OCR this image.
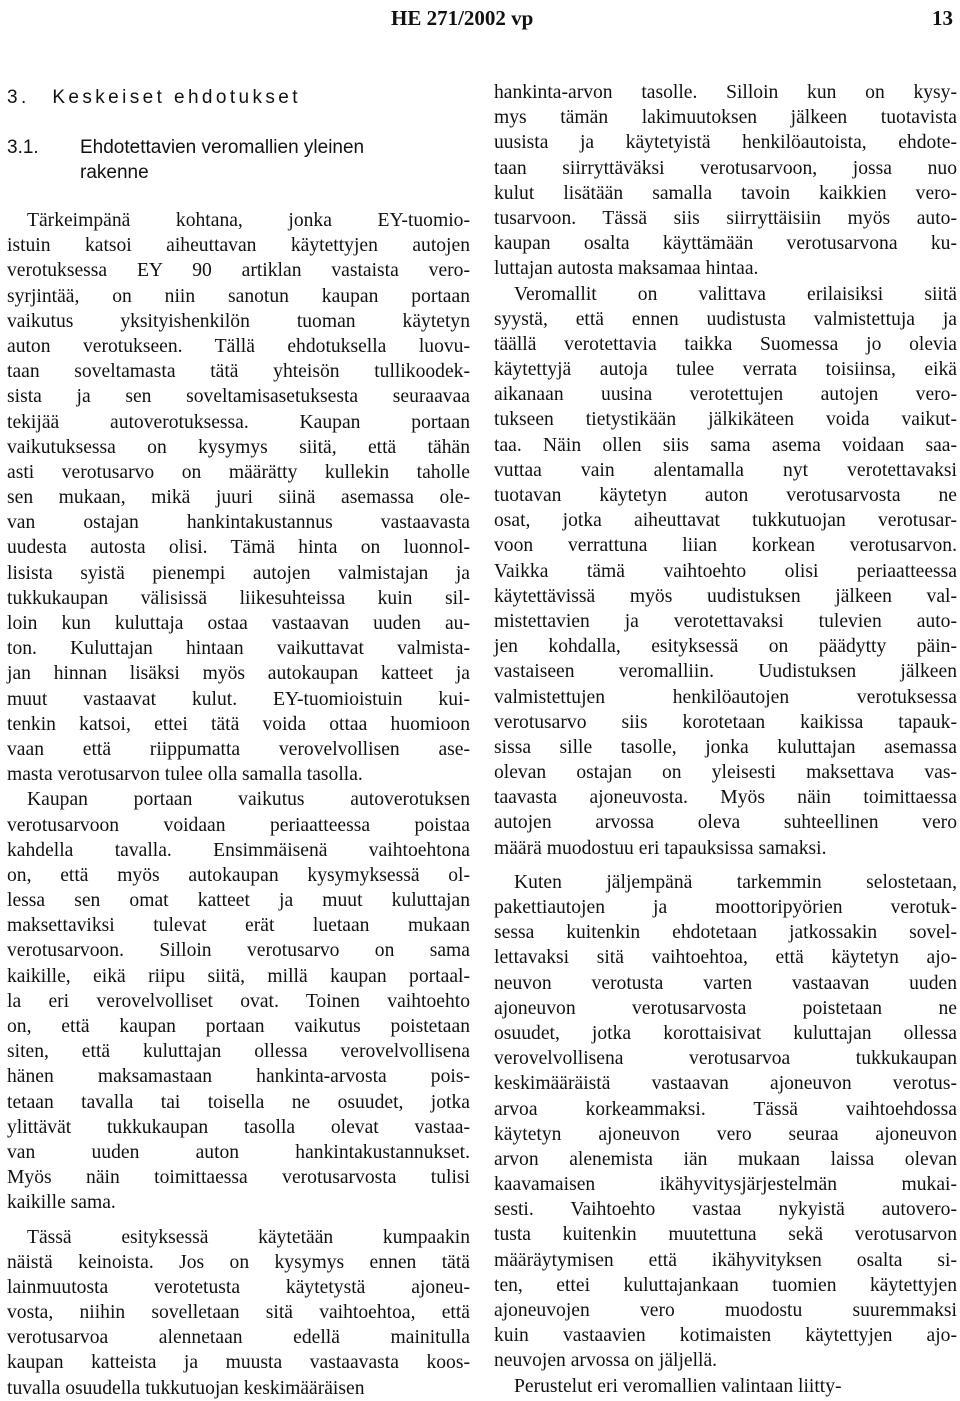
HE 271/2002 vp	13
3. Keskeiset ehdotukset
3.1. Ehdotettavien veromallien yleinen
rakenne
Tärkeimpänä kohtana, jonka EY-tuomio-
istuin katsoi aiheuttavan käytettyjen autojen
verotuksessa EY 90 artiklan vastaista vero-
syrjintää, on niin sanotun kaupan portaan
vaikutus yksityishenkilön tuoman käytetyn
auton verotukseen. Tällä ehdotuksella luovu-
taan soveltamasta tätä yhteisön tullikoodek-
sista ja sen soveltamisasetuksesta seuraavaa
tekijää autoverotuksessa. Kaupan portaan
vaikutuksessa on kysymys siitä, että tähän
asti verotusarvo on määrätty kullekin taholle
sen mukaan, mikä juuri siinä asemassa ole-
van ostajan hankintakustannus vastaavasta
uudesta autosta olisi. Tämä hinta on luonnol-
lisista syistä pienempi autojen valmistajan ja
tukkukaupan välisissä liikesuhteissa kuin sil-
loin kun kuluttaja ostaa vastaavan uuden au-
ton. Kuluttajan hintaan vaikuttavat valmista-
jan hinnan lisäksi myös autokaupan katteet ja
muut vastaavat kulut. EY-tuomioistuin kui-
tenkin katsoi, ettei tätä voida ottaa huomioon
vaan että riippumatta verovelvollisen ase-
masta verotusarvon tulee olla samalla tasolla.
Kaupan portaan vaikutus autoverotuksen
verotusarvoon voidaan periaatteessa poistaa
kahdella tavalla. Ensimmäisenä vaihtoehtona
on, että myös autokaupan kysymyksessä ol-
lessa sen omat katteet ja muut kuluttajan
maksettaviksi tulevat erät luetaan mukaan
verotusarvoon. Silloin verotusarvo on sama
kaikille, eikä riipu siitä, millä kaupan portaal-
la eri verovelvolliset ovat. Toinen vaihtoehto
on, että kaupan portaan vaikutus poistetaan
siten, että kuluttajan ollessa verovelvollisena
hänen maksamastaan hankinta-arvosta pois-
tetaan tavalla tai toisella ne osuudet, jotka
ylittävät tukkukaupan tasolla olevat vastaa-
van uuden auton hankintakustannukset.
Myös näin toimittaessa verotusarvosta tulisi
kaikille sama.
Tässä esityksessä käytetään kumpaakin
näistä keinoista. Jos on kysymys ennen tätä
lainmuutosta verotetusta käytetystä ajoneu-
vosta, niihin sovelletaan sitä vaihtoehtoa, että
verotusarvoa alennetaan edellä mainitulla
kaupan katteista ja muusta vastaavasta koos-
tuvalla osuudella tukkutuojan keskimääräisen
hankinta-arvon tasolle. Silloin kun on kysy-
mys tämän lakimuutoksen jälkeen tuotavista
uusista ja käytetyistä henkilöautoista, ehdote-
taan siirryttäväksi verotusarvoon, jossa nuo
kulut lisätään samalla tavoin kaikkien vero-
tusarvoon. Tässä siis siirryttäisiin myös auto-
kaupan osalta käyttämään verotusarvona ku-
luttajan autosta maksamaa hintaa.
Veromallit on valittava erilaisiksi siitä
syystä, että ennen uudistusta valmistettuja ja
täällä verotettavia taikka Suomessa jo olevia
käytettyjä autoja tulee verrata toisiinsa, eikä
aikanaan uusina verotettujen autojen vero-
tukseen tietystikään jälkikäteen voida vaikut-
taa. Näin ollen siis sama asema voidaan saa-
vuttaa vain alentamalla nyt verotettavaksi
tuotavan käytetyn auton verotusarvosta ne
osat, jotka aiheuttavat tukkutuojan verotusar-
voon verrattuna liian korkean verotusarvon.
Vaikka tämä vaihtoehto olisi periaatteessa
käytettävissä myös uudistuksen jälkeen val-
mistettavien ja verotettavaksi tulevien auto-
jen kohdalla, esityksessä on päädytty päin-
vastaiseen veromalliin. Uudistuksen jälkeen
valmistettujen henkilöautojen verotuksessa
verotusarvo siis korotetaan kaikissa tapauk-
sissa sille tasolle, jonka kuluttajan asemassa
olevan ostajan on yleisesti maksettava vas-
taavasta ajoneuvosta. Myös näin toimittaessa
autojen arvossa oleva suhteellinen vero
määrä muodostuu eri tapauksissa samaksi.
Kuten jäljempänä tarkemmin selostetaan,
pakettiautojen ja moottoripyörien verotuk-
sessa kuitenkin ehdotetaan jatkossakin sovel-
lettavaksi sitä vaihtoehtoa, että käytetyn ajo-
neuvon verotusta varten vastaavan uuden
ajoneuvon verotusarvosta poistetaan ne
osuudet, jotka korottaisivat kuluttajan ollessa
verovelvollisena verotusarvoa tukkukaupan
keskimääräistä vastaavan ajoneuvon verotus-
arvoa korkeammaksi. Tässä vaihtoehdossa
käytetyn ajoneuvon vero seuraa ajoneuvon
arvon alenemista iän mukaan laissa olevan
kaavamaisen ikähyvitysjärjestelmän mukai-
sesti. Vaihtoehto vastaa nykyistä autovero-
tusta kuitenkin muutettuna sekä verotusarvon
määräytymisen että ikähyvityksen osalta si-
ten, ettei kuluttajankaan tuomien käytettyjen
ajoneuvojen vero muodostu suuremmaksi
kuin vastaavien kotimaisten käytettyjen ajo-
neuvojen arvossa on jäljellä.
Perustelut eri veromallien valintaan liitty-
